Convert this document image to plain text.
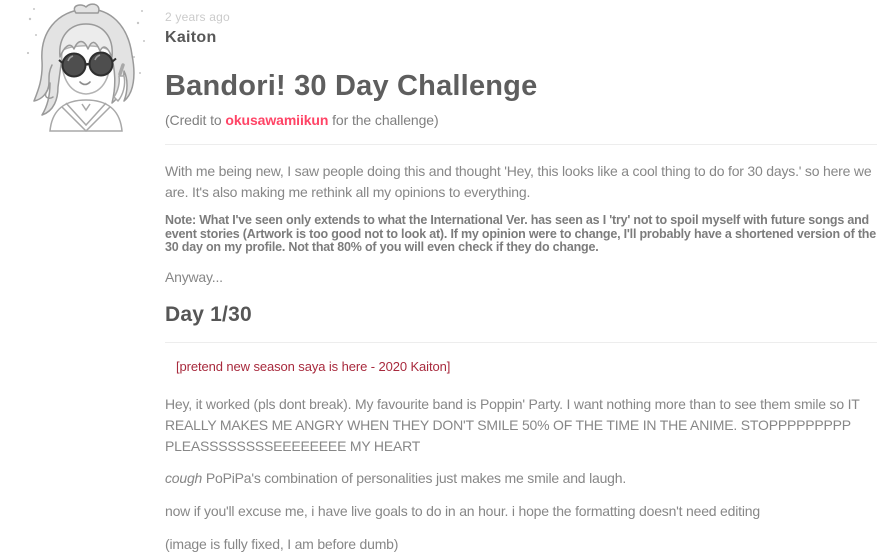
2 years ago
Kaiton
Bandori! 30 Day Challenge

(Credit to okusawamiikun for the challenge)

With me being new, I saw people doing this and thought 'Hey, this looks like a cool thing to do for 30 days.' so here we are. It's also making me rethink all my opinions to everything.

Note: What I've seen only extends to what the International Ver. has seen as I 'try' not to spoil myself with future songs and event stories (Artwork is too good not to look at). If my opinion were to change, I'll probably have a shortened version of the 30 day on my profile. Not that 80% of you will even check if they do change.

Anyway...

Day 1/30
[pretend new season saya is here - 2020 Kaiton]

Hey, it worked (pls dont break). My favourite band is Poppin' Party. I want nothing more than to see them smile so IT REALLY MAKES ME ANGRY WHEN THEY DON'T SMILE 50% OF THE TIME IN THE ANIME. STOPPPPPPPPP PLEASSSSSSSSEEEEEEEE MY HEART

cough PoPiPa's combination of personalities just makes me smile and laugh.

now if you'll excuse me, i have live goals to do in an hour. i hope the formatting doesn't need editing

(image is fully fixed, I am before dumb)
